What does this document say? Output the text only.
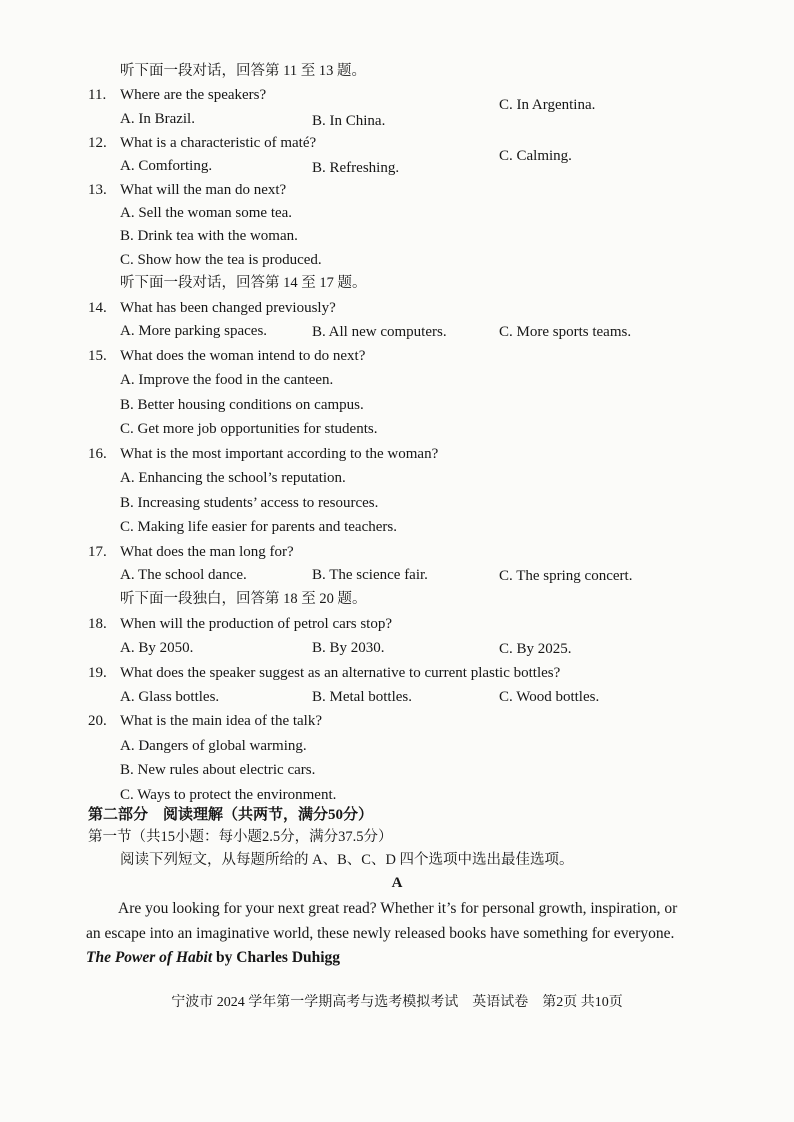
听下面一段对话，回答第 11 至 13 题。
11. Where are the speakers?
A. In Brazil.	B. In China.
C. In Argentina.
12. What is a characteristic of maté?
A. Comforting.	B. Refreshing.
C. Calming.
13. What will the man do next?
A. Sell the woman some tea.
B. Drink tea with the woman.
C. Show how the tea is produced.
听下面一段对话，回答第 14 至 17 题。
14. What has been changed previously?
A. More parking spaces.	B. All new computers.	C. More sports teams.
15. What does the woman intend to do next?
A. Improve the food in the canteen.
B. Better housing conditions on campus.
C. Get more job opportunities for students.
16. What is the most important according to the woman?
A. Enhancing the school’s reputation.
B. Increasing students’ access to resources.
C. Making life easier for parents and teachers.
17. What does the man long for?
A. The school dance.	B. The science fair.	C. The spring concert.
听下面一段独白，回答第 18 至 20 题。
18. When will the production of petrol cars stop?
A. By 2050.	B. By 2030.	C. By 2025.
19. What does the speaker suggest as an alternative to current plastic bottles?
A. Glass bottles.	B. Metal bottles.	C. Wood bottles.
20. What is the main idea of the talk?
A. Dangers of global warming.
B. New rules about electric cars.
C. Ways to protect the environment.
第二部分　阅读理解（共两节，满分50分）
第一节（共15小题：每小题2.5分，满分37.5分）
阅读下列短文，从每题所给的 A、B、C、D 四个选项中选出最佳选项。
A
Are you looking for your next great read? Whether it’s for personal growth, inspiration, or
an escape into an imaginative world, these newly released books have something for everyone.
The Power of Habit by Charles Duhigg
宁波市 2024 学年第一学期高考与选考模拟考试　英语试卷　第2页 共10页
